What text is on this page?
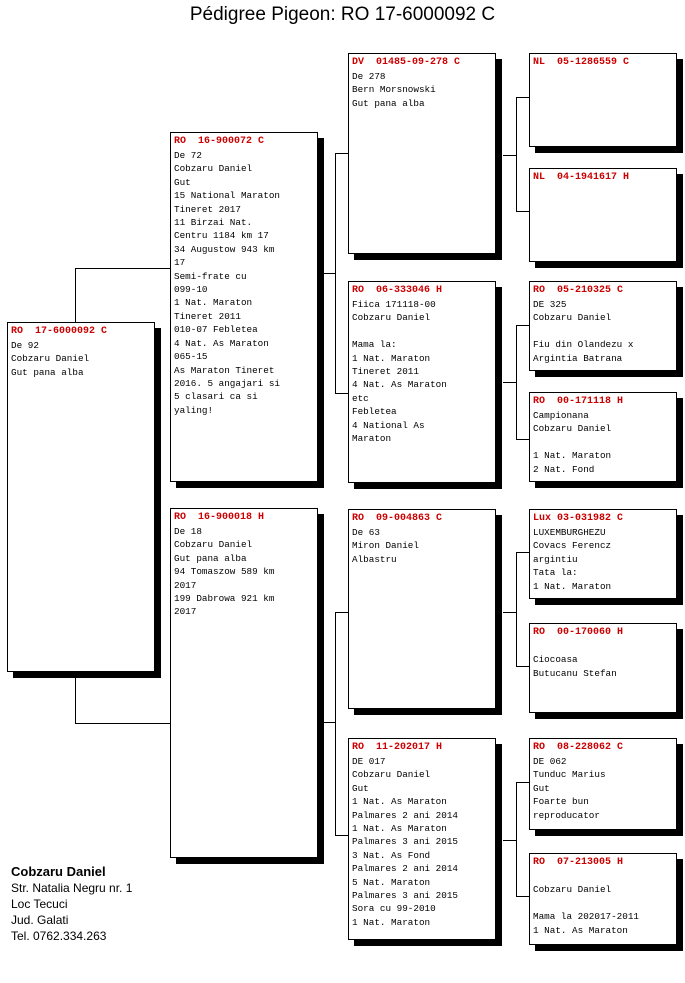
Pédigree Pigeon: RO 17-6000092 C
RO  17-6000092 C
De 92
Cobzaru Daniel
Gut pana alba
RO  16-900072 C
De 72
Cobzaru Daniel
Gut
15 National Maraton
Tineret 2017
11 Birzai Nat.
Centru 1184 km 17
34 Augustow 943 km
17
Semi-frate cu
099-10
1 Nat. Maraton
Tineret 2011
010-07 Febletea
4 Nat. As Maraton
065-15
As Maraton Tineret
2016. 5 angajari si
5 clasari ca si
yaling!
RO  16-900018 H
De 18
Cobzaru Daniel
Gut pana alba
94 Tomaszow 589 km
2017
199 Dabrowa 921 km
2017
DV  01485-09-278 C
De 278
Bern Morsnowski
Gut pana alba
RO  06-333046 H
Fiica 171118-00
Cobzaru Daniel
Mama la:
1 Nat. Maraton
Tineret 2011
4 Nat. As Maraton
etc
Febletea
4 National As
Maraton
RO  09-004863 C
De 63
Miron Daniel
Albastru
RO  11-202017 H
DE 017
Cobzaru Daniel
Gut
1 Nat. As Maraton
Palmares 2 ani 2014
1 Nat. As Maraton
Palmares 3 ani 2015
3 Nat. As Fond
Palmares 2 ani 2014
5 Nat. Maraton
Palmares 3 ani 2015
Sora cu 99-2010
1 Nat. Maraton
NL  05-1286559 C
NL  04-1941617 H
RO  05-210325 C
DE 325
Cobzaru Daniel
Fiu din Olandezu x
Argintia Batrana
RO  00-171118 H
Campionana
Cobzaru Daniel
1 Nat. Maraton
2 Nat. Fond
Lux 03-031982 C
LUXEMBURGHEZU
Covacs Ferencz
argintiu
Tata la:
1 Nat. Maraton
RO  00-170060 H
Ciocoasa
Butucanu Stefan
RO  08-228062 C
DE 062
Tunduc Marius
Gut
Foarte bun
reproducator
RO  07-213005 H
Cobzaru Daniel
Mama la 202017-2011
1 Nat. As Maraton
Cobzaru Daniel
Str. Natalia Negru nr. 1
Loc Tecuci
Jud. Galati
Tel. 0762.334.263
